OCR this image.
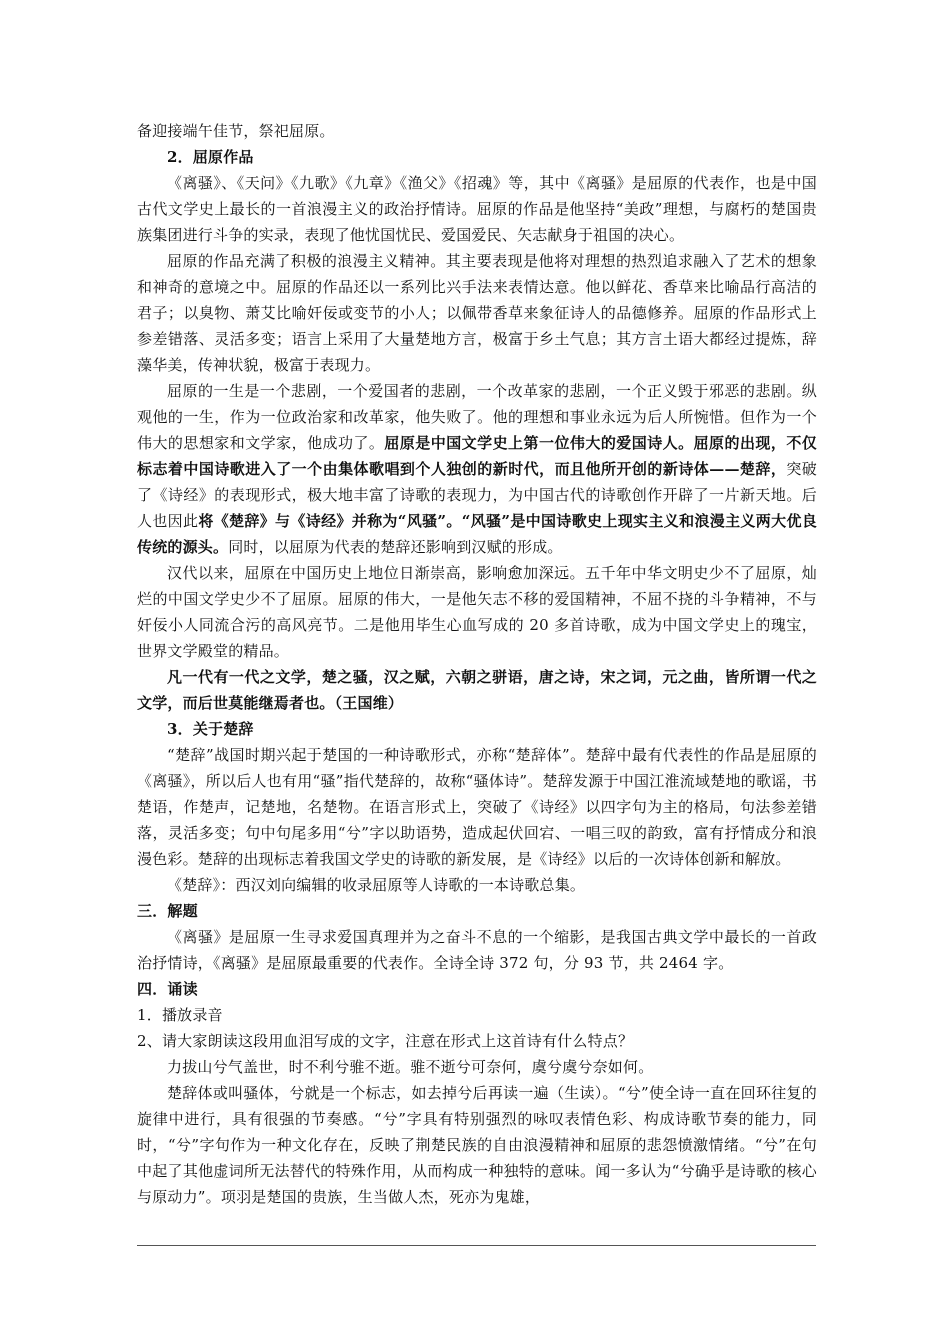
备迎接端午佳节，祭祀屈原。

2．屈原作品

《离骚》、《天问》《九歌》《九章》《渔父》《招魂》等，其中《离骚》是屈原的代表作，也是中国古代文学史上最长的一首浪漫主义的政治抒情诗。屈原的作品是他坚持“美政”理想，与腐朽的楚国贵族集团进行斗争的实录，表现了他忧国忧民、爱国爱民、矢志献身于祖国的决心。

屈原的作品充满了积极的浪漫主义精神。其主要表现是他将对理想的热烈追求融入了艺术的想象和神奇的意境之中。屈原的作品还以一系列比兴手法来表情达意。他以鲜花、香草来比喻品行高洁的君子；以臭物、萧艾比喻奸佞或变节的小人；以佩带香草来象征诗人的品德修养。屈原的作品形式上参差错落、灵活多变；语言上采用了大量楚地方言，极富于乡土气息；其方言土语大都经过提炼，辞藻华美，传神状貌，极富于表现力。

屈原的一生是一个悲剧，一个爱国者的悲剧，一个改革家的悲剧，一个正义毁于邪恶的悲剧。纵观他的一生，作为一位政治家和改革家，他失败了。他的理想和事业永远为后人所惋惜。但作为一个伟大的思想家和文学家，他成功了。屈原是中国文学史上第一位伟大的爱国诗人。屈原的出现，不仅标志着中国诗歌进入了一个由集体歌唱到个人独创的新时代，而且他所开创的新诗体——楚辞，突破了《诗经》的表现形式，极大地丰富了诗歌的表现力，为中国古代的诗歌创作开辟了一片新天地。后人也因此将《楚辞》与《诗经》并称为“风骚”。“风骚”是中国诗歌史上现实主义和浪漫主义两大优良传统的源头。同时，以屈原为代表的楚辞还影响到汉赋的形成。

汉代以来，屈原在中国历史上地位日渐崇高，影响愈加深远。五千年中华文明史少不了屈原，灿烂的中国文学史少不了屈原。屈原的伟大，一是他矢志不移的爱国精神，不屈不挠的斗争精神，不与奸佞小人同流合污的高风亮节。二是他用毕生心血写成的 20 多首诗歌，成为中国文学史上的瑰宝，世界文学殿堂的精品。

凡一代有一代之文学，楚之骚，汉之赋，六朝之骈语，唐之诗，宋之词，元之曲，皆所谓一代之文学，而后世莫能继焉者也。（王国维）

3．关于楚辞

“楚辞”战国时期兴起于楚国的一种诗歌形式，亦称“楚辞体”。楚辞中最有代表性的作品是屈原的《离骚》，所以后人也有用“骚”指代楚辞的，故称“骚体诗”。楚辞发源于中国江淮流域楚地的歌谣，书楚语，作楚声，记楚地，名楚物。在语言形式上，突破了《诗经》以四字句为主的格局，句法参差错落，灵活多变；句中句尾多用“兮”字以助语势，造成起伏回宕、一唱三叹的韵致，富有抒情成分和浪漫色彩。楚辞的出现标志着我国文学史的诗歌的新发展，是《诗经》以后的一次诗体创新和解放。

《楚辞》：西汉刘向编辑的收录屈原等人诗歌的一本诗歌总集。

三．解题

《离骚》是屈原一生寻求爱国真理并为之奋斗不息的一个缩影，是我国古典文学中最长的一首政治抒情诗，《离骚》是屈原最重要的代表作。全诗全诗 372 句，分 93 节，共 2464 字。

四．诵读

1．播放录音

2、请大家朗读这段用血泪写成的文字，注意在形式上这首诗有什么特点？

力拔山兮气盖世，时不利兮骓不逝。骓不逝兮可奈何，虞兮虞兮奈如何。

楚辞体或叫骚体，兮就是一个标志，如去掉兮后再读一遍（生读）。“兮”使全诗一直在回环往复的旋律中进行，具有很强的节奏感。“兮”字具有特别强烈的咏叹表情色彩、构成诗歌节奏的能力，同时，“兮”字句作为一种文化存在，反映了荆楚民族的自由浪漫精神和屈原的悲怨愤激情绪。“兮”在句中起了其他虚词所无法替代的特殊作用，从而构成一种独特的意味。闻一多认为“兮确乎是诗歌的核心与原动力”。项羽是楚国的贵族，生当做人杰，死亦为鬼雄，
